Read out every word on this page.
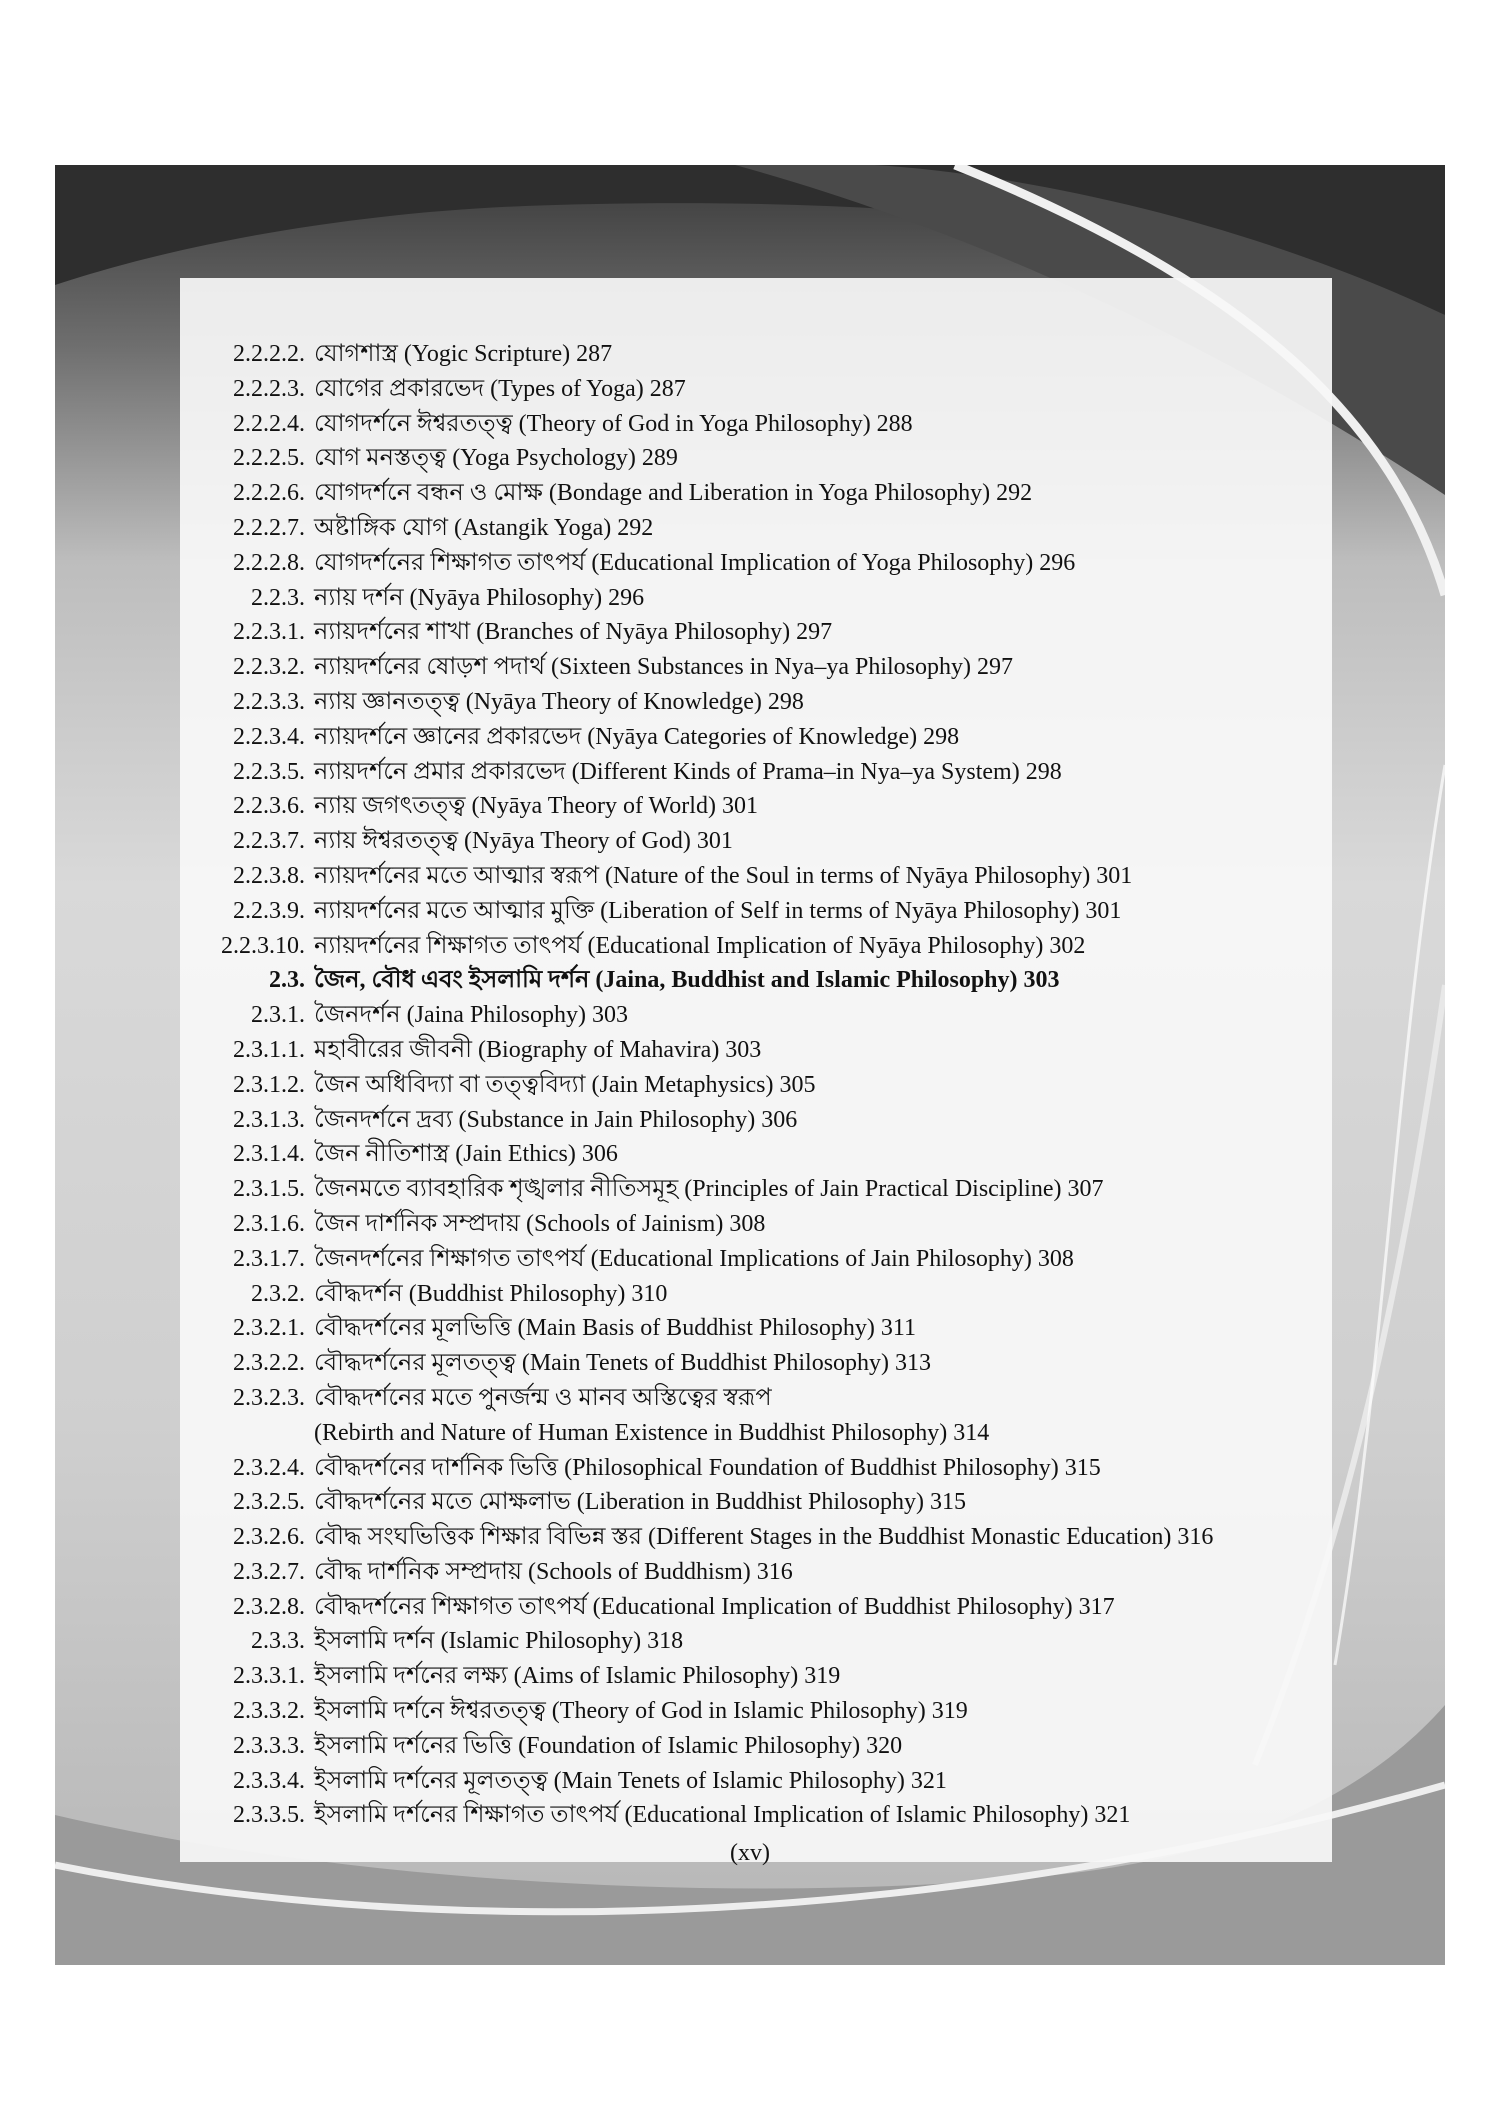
2.2.2.2. যোগশাস্ত্র (Yogic Scripture) 287
2.2.2.3. যোগের প্রকারভেদ (Types of Yoga) 287
2.2.2.4. যোগদর্শনে ঈশ্বরতত্ত্ব (Theory of God in Yoga Philosophy) 288
2.2.2.5. যোগ মনস্তত্ত্ব (Yoga Psychology) 289
2.2.2.6. যোগদর্শনে বন্ধন ও মোক্ষ (Bondage and Liberation in Yoga Philosophy) 292
2.2.2.7. অষ্টাঙ্গিক যোগ (Astangik Yoga) 292
2.2.2.8. যোগদর্শনের শিক্ষাগত তাৎপর্য (Educational Implication of Yoga Philosophy) 296
2.2.3. ন্যায় দর্শন (Nyāya Philosophy) 296
2.2.3.1. ন্যায়দর্শনের শাখা (Branches of Nyāya Philosophy) 297
2.2.3.2. ন্যায়দর্শনের ষোড়শ পদার্থ (Sixteen Substances in Nya–ya Philosophy) 297
2.2.3.3. ন্যায় জ্ঞানতত্ত্ব (Nyāya Theory of Knowledge) 298
2.2.3.4. ন্যায়দর্শনে জ্ঞানের প্রকারভেদ (Nyāya Categories of Knowledge) 298
2.2.3.5. ন্যায়দর্শনে প্রমার প্রকারভেদ (Different Kinds of Prama–in Nya–ya System) 298
2.2.3.6. ন্যায় জগৎতত্ত্ব (Nyāya Theory of World) 301
2.2.3.7. ন্যায় ঈশ্বরতত্ত্ব (Nyāya Theory of God) 301
2.2.3.8. ন্যায়দর্শনের মতে আত্মার স্বরূপ (Nature of the Soul in terms of Nyāya Philosophy) 301
2.2.3.9. ন্যায়দর্শনের মতে আত্মার মুক্তি (Liberation of Self in terms of Nyāya Philosophy) 301
2.2.3.10. ন্যায়দর্শনের শিক্ষাগত তাৎপর্য (Educational Implication of Nyāya Philosophy) 302
2.3. জৈন, বৌধ এবং ইসলামি দর্শন (Jaina, Buddhist and Islamic Philosophy) 303
2.3.1. জৈনদর্শন (Jaina Philosophy) 303
2.3.1.1. মহাবীরের জীবনী (Biography of Mahavira) 303
2.3.1.2. জৈন অধিবিদ্যা বা তত্ত্ববিদ্যা (Jain Metaphysics) 305
2.3.1.3. জৈনদর্শনে দ্রব্য (Substance in Jain Philosophy) 306
2.3.1.4. জৈন নীতিশাস্ত্র (Jain Ethics) 306
2.3.1.5. জৈনমতে ব্যাবহারিক শৃঙ্খলার নীতিসমূহ (Principles of Jain Practical Discipline) 307
2.3.1.6. জৈন দার্শনিক সম্প্রদায় (Schools of Jainism) 308
2.3.1.7. জৈনদর্শনের শিক্ষাগত তাৎপর্য (Educational Implications of Jain Philosophy) 308
2.3.2. বৌদ্ধদর্শন (Buddhist Philosophy) 310
2.3.2.1. বৌদ্ধদর্শনের মূলভিত্তি (Main Basis of Buddhist Philosophy) 311
2.3.2.2. বৌদ্ধদর্শনের মূলতত্ত্ব (Main Tenets of Buddhist Philosophy) 313
2.3.2.3. বৌদ্ধদর্শনের মতে পুনর্জন্ম ও মানব অস্তিত্বের স্বরূপ
(Rebirth and Nature of Human Existence in Buddhist Philosophy) 314
2.3.2.4. বৌদ্ধদর্শনের দার্শনিক ভিত্তি (Philosophical Foundation of Buddhist Philosophy) 315
2.3.2.5. বৌদ্ধদর্শনের মতে মোক্ষলাভ (Liberation in Buddhist Philosophy) 315
2.3.2.6. বৌদ্ধ সংঘভিত্তিক শিক্ষার বিভিন্ন স্তর (Different Stages in the Buddhist Monastic Education) 316
2.3.2.7. বৌদ্ধ দার্শনিক সম্প্রদায় (Schools of Buddhism) 316
2.3.2.8. বৌদ্ধদর্শনের শিক্ষাগত তাৎপর্য (Educational Implication of Buddhist Philosophy) 317
2.3.3. ইসলামি দর্শন (Islamic Philosophy) 318
2.3.3.1. ইসলামি দর্শনের লক্ষ্য (Aims of Islamic Philosophy) 319
2.3.3.2. ইসলামি দর্শনে ঈশ্বরতত্ত্ব (Theory of God in Islamic Philosophy) 319
2.3.3.3. ইসলামি দর্শনের ভিত্তি (Foundation of Islamic Philosophy) 320
2.3.3.4. ইসলামি দর্শনের মূলতত্ত্ব (Main Tenets of Islamic Philosophy) 321
2.3.3.5. ইসলামি দর্শনের শিক্ষাগত তাৎপর্য (Educational Implication of Islamic Philosophy) 321
(xv)
